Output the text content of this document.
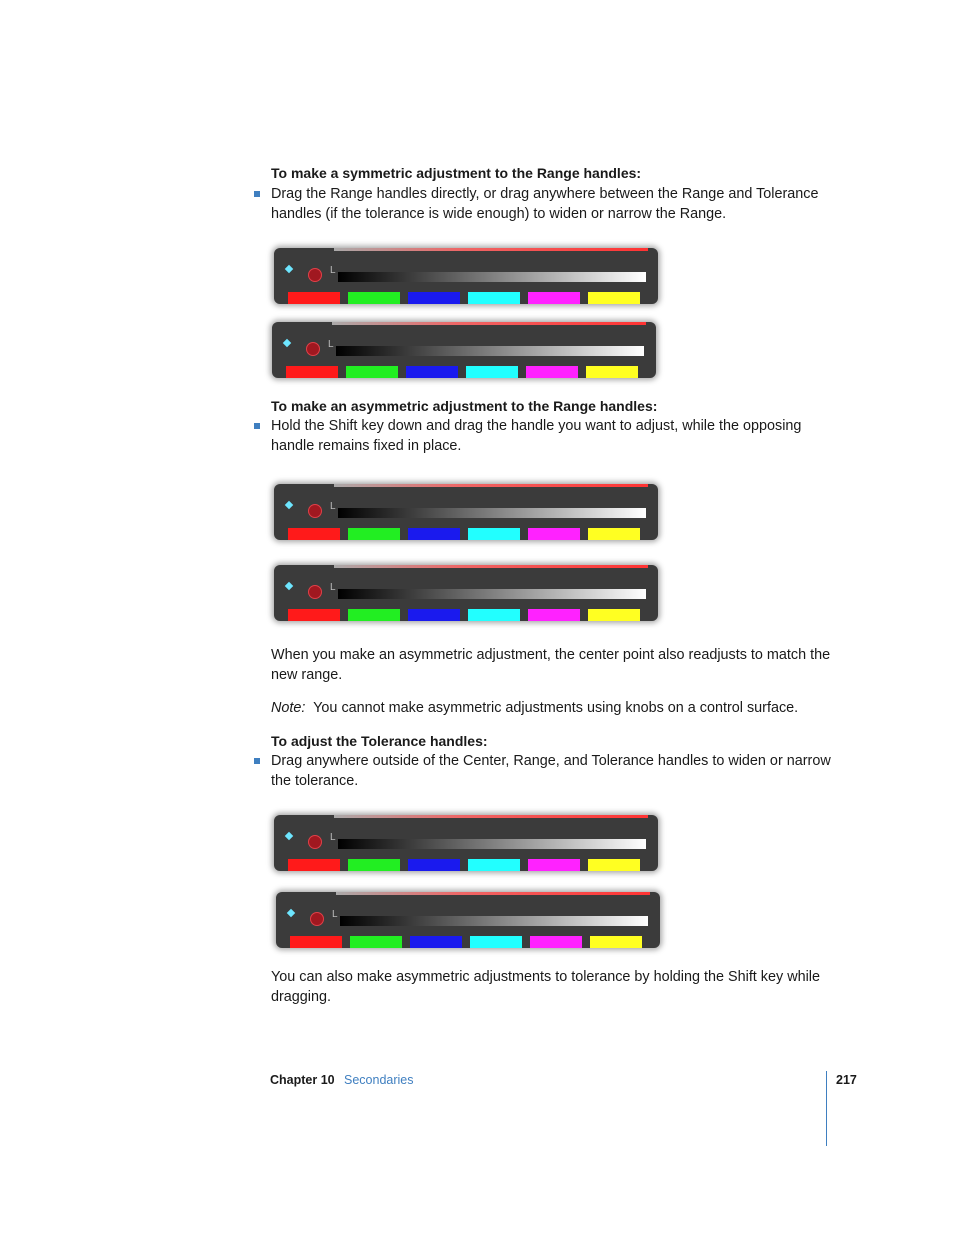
To make a symmetric adjustment to the Range handles:
Drag the Range handles directly, or drag anywhere between the Range and Tolerance handles (if the tolerance is wide enough) to widen or narrow the Range.
L
L
To make an asymmetric adjustment to the Range handles:
Hold the Shift key down and drag the handle you want to adjust, while the opposing handle remains fixed in place.
L
L
When you make an asymmetric adjustment, the center point also readjusts to match the new range.
Note: You cannot make asymmetric adjustments using knobs on a control surface.
To adjust the Tolerance handles:
Drag anywhere outside of the Center, Range, and Tolerance handles to widen or narrow the tolerance.
L
L
You can also make asymmetric adjustments to tolerance by holding the Shift key while dragging.
Chapter 10 Secondaries	217
